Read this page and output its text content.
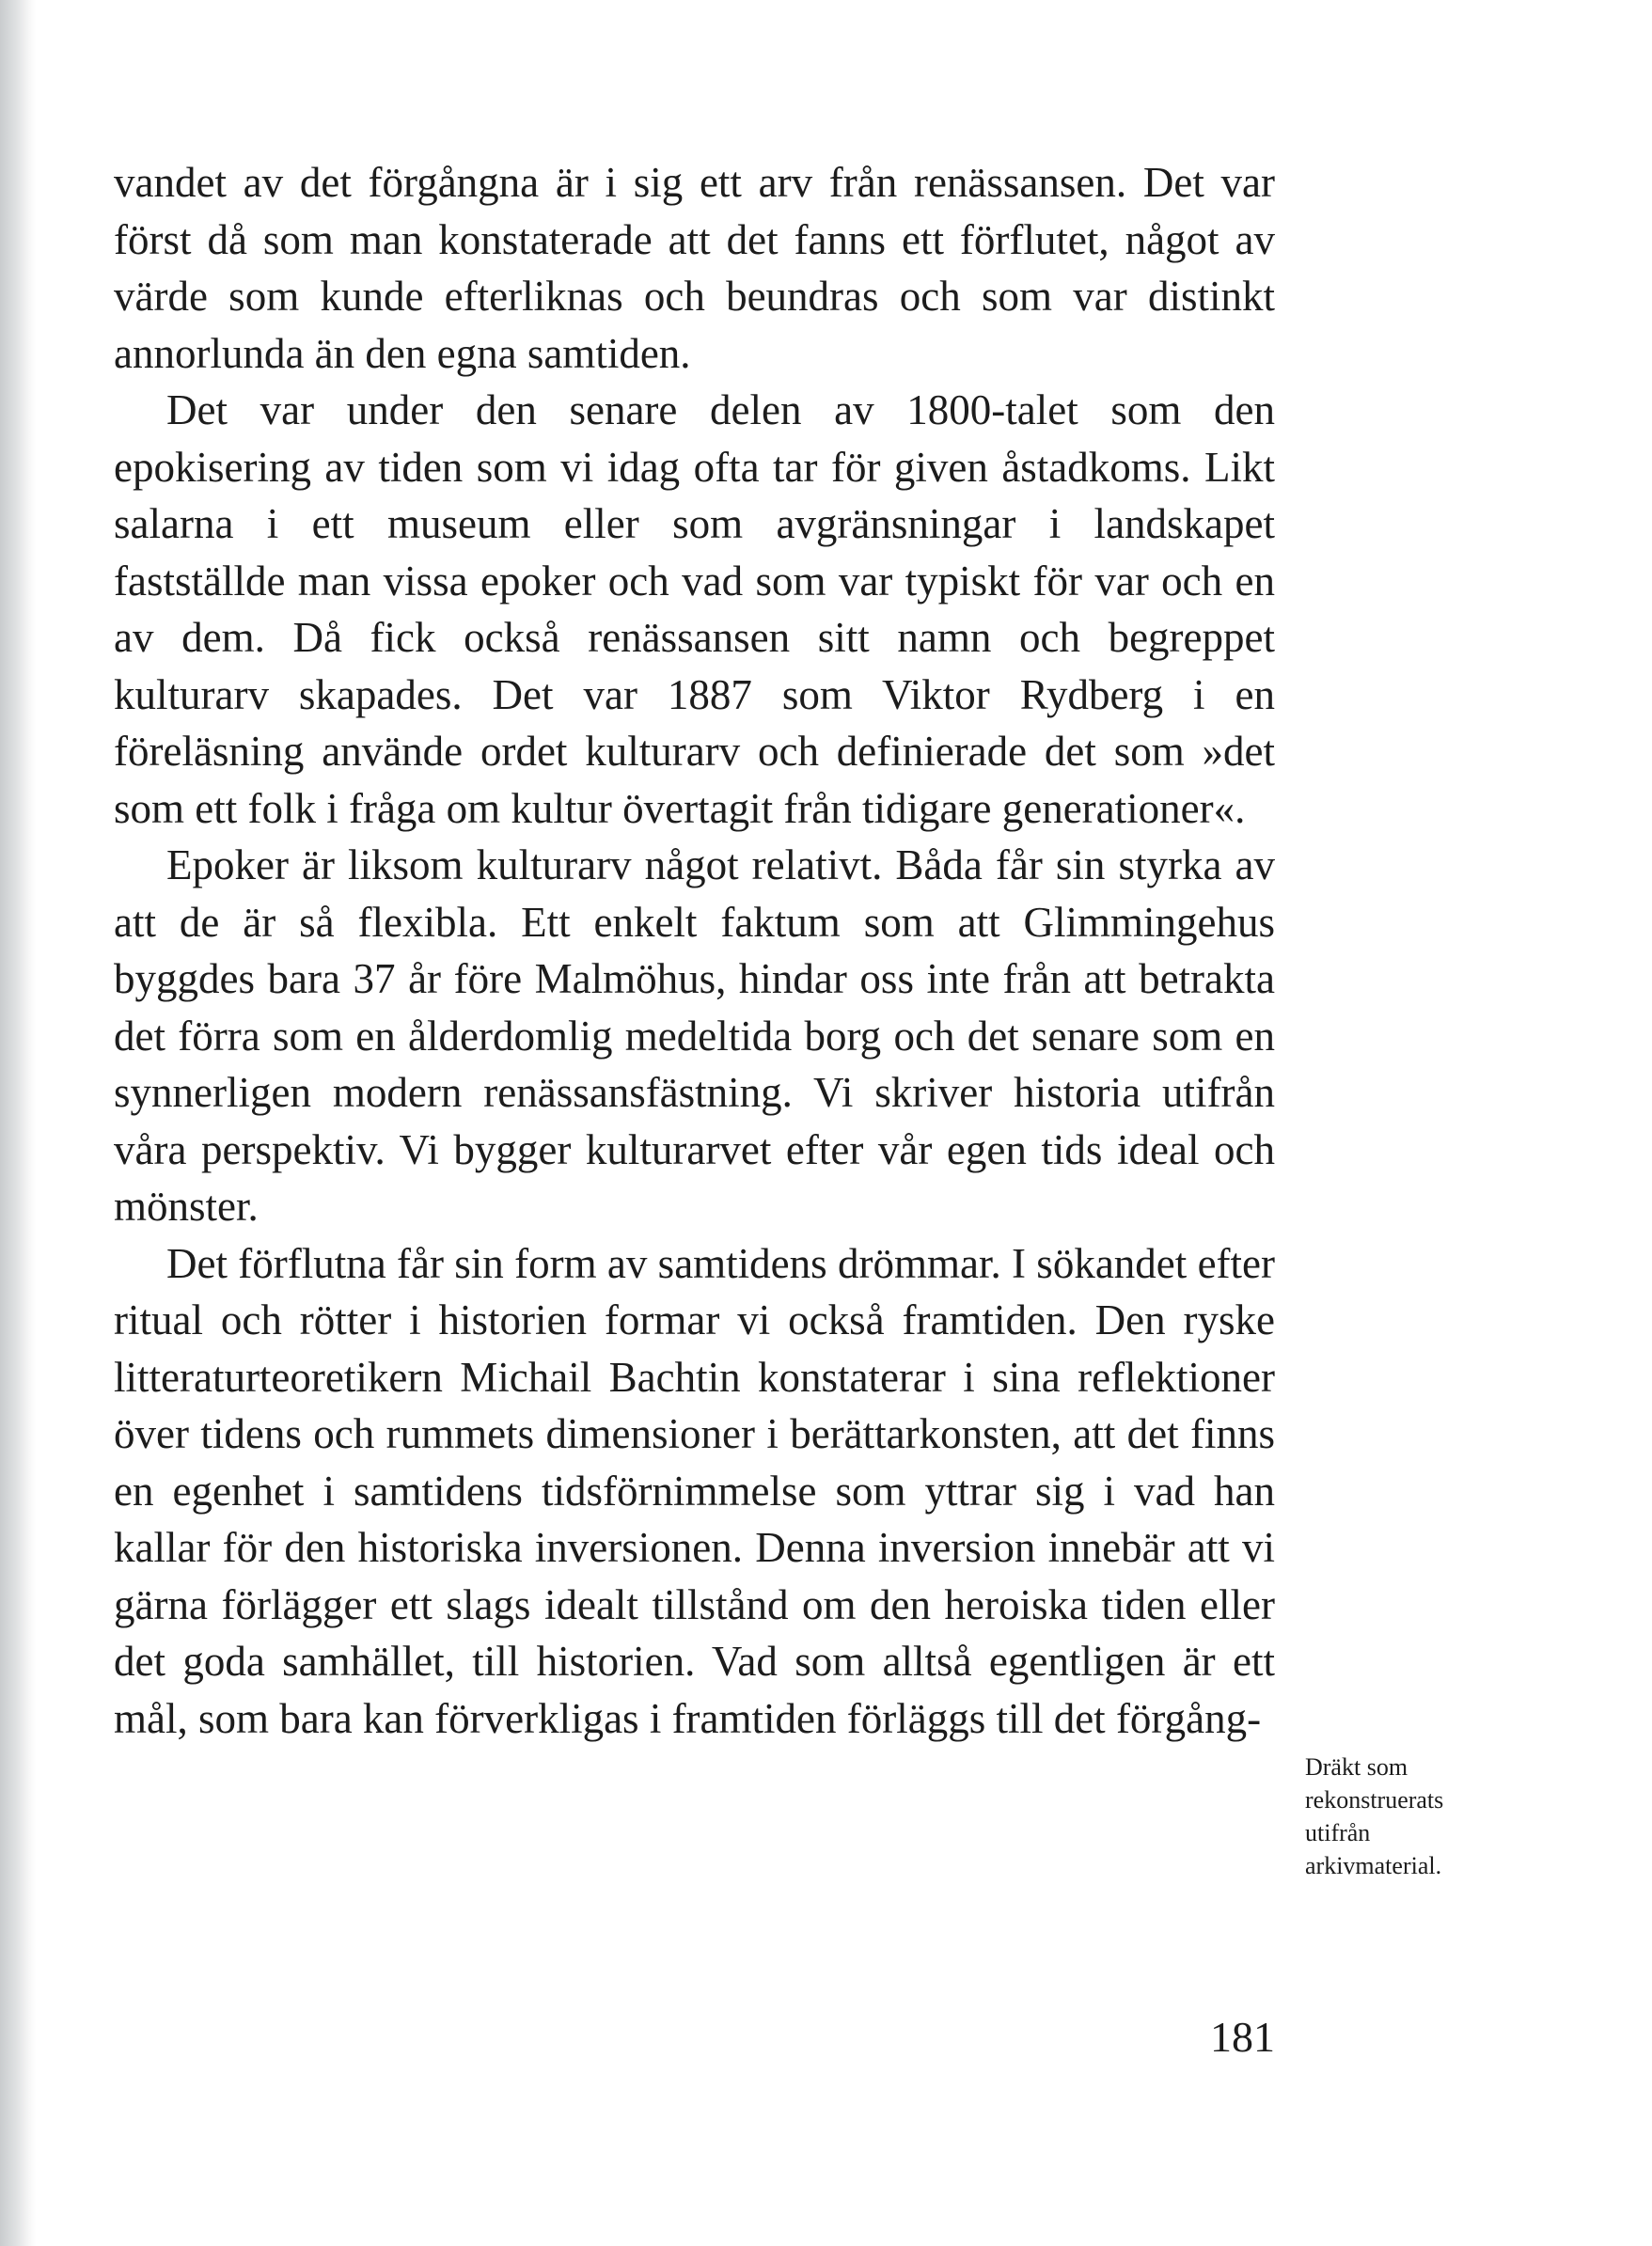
vandet av det förgångna är i sig ett arv från renässansen. Det var först då som man konstaterade att det fanns ett förflutet, något av värde som kunde efterliknas och beundras och som var distinkt annorlunda än den egna samtiden.

Det var under den senare delen av 1800-talet som den epokisering av tiden som vi idag ofta tar för given åstadkoms. Likt salarna i ett museum eller som avgränsningar i landskapet fastställde man vissa epoker och vad som var typiskt för var och en av dem. Då fick också renässansen sitt namn och begreppet kulturarv skapades. Det var 1887 som Viktor Rydberg i en föreläsning använde ordet kulturarv och definierade det som »det som ett folk i fråga om kultur övertagit från tidigare generationer«.

Epoker är liksom kulturarv något relativt. Båda får sin styrka av att de är så flexibla. Ett enkelt faktum som att Glimmingehus byggdes bara 37 år före Malmöhus, hindar oss inte från att betrakta det förra som en ålderdomlig medeltida borg och det senare som en synnerligen modern renässansfästning. Vi skriver historia utifrån våra perspektiv. Vi bygger kulturarvet efter vår egen tids ideal och mönster.

Det förflutna får sin form av samtidens drömmar. I sökandet efter ritual och rötter i historien formar vi också framtiden. Den ryske litteraturteoretikern Michail Bachtin konstaterar i sina reflektioner över tidens och rummets dimensioner i berättarkonsten, att det finns en egenhet i samtidens tidsförnimmelse som yttrar sig i vad han kallar för den historiska inversionen. Denna inversion innebär att vi gärna förlägger ett slags idealt tillstånd om den heroiska tiden eller det goda samhället, till historien. Vad som alltså egentligen är ett mål, som bara kan förverkligas i framtiden förläggs till det förgång-

Dräkt som
rekonstruerats
utifrån
arkivmaterial.
181
